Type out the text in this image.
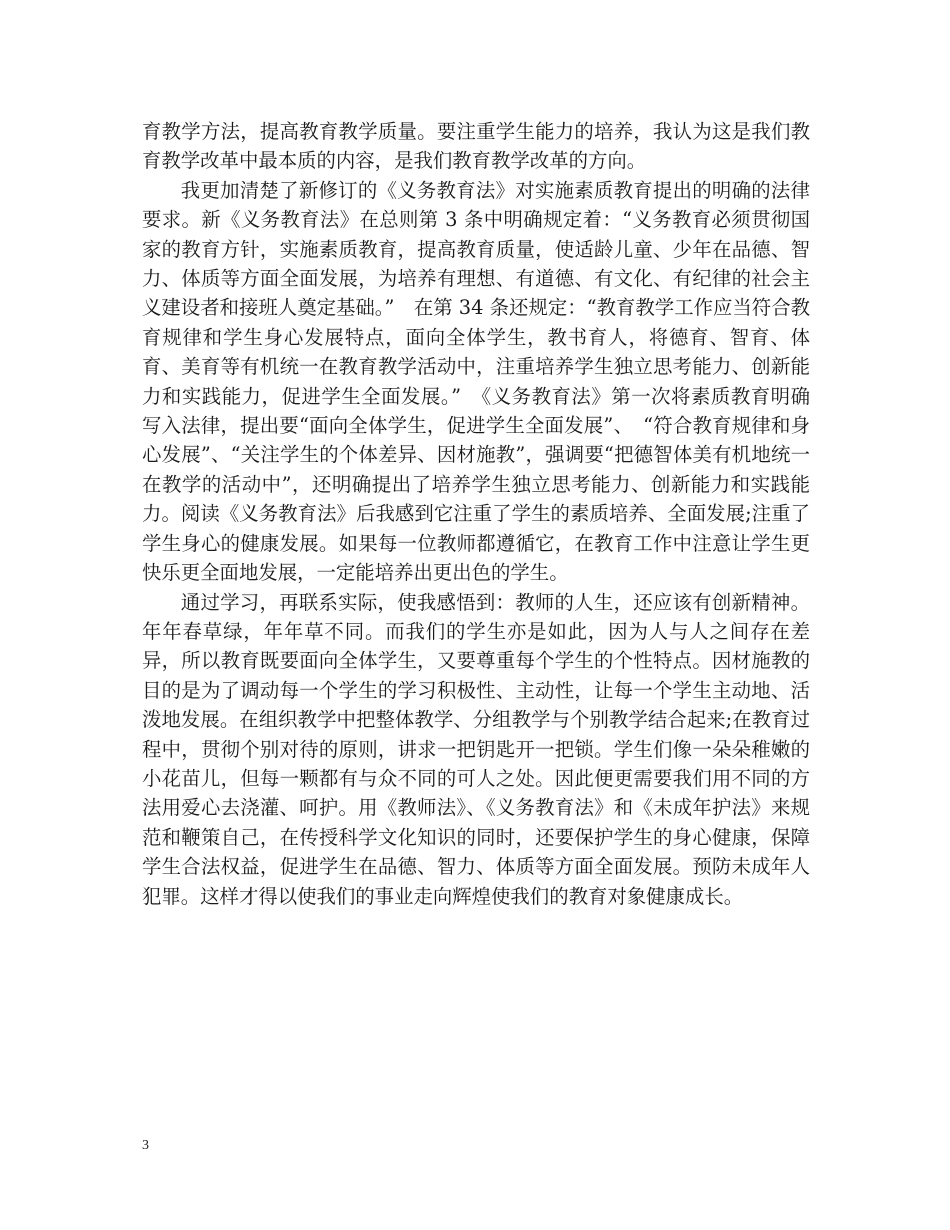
育教学方法，提高教育教学质量。要注重学生能力的培养，我认为这是我们教育教学改革中最本质的内容，是我们教育教学改革的方向。

我更加清楚了新修订的《义务教育法》对实施素质教育提出的明确的法律要求。新《义务教育法》在总则第 3 条中明确规定着：“义务教育必须贯彻国家的教育方针，实施素质教育，提高教育质量，使适龄儿童、少年在品德、智力、体质等方面全面发展，为培养有理想、有道德、有文化、有纪律的社会主义建设者和接班人奠定基础。”　在第 34 条还规定：“教育教学工作应当符合教育规律和学生身心发展特点，面向全体学生，教书育人，将德育、智育、体育、美育等有机统一在教育教学活动中，注重培养学生独立思考能力、创新能力和实践能力，促进学生全面发展。”　《义务教育法》第一次将素质教育明确写入法律，提出要“面向全体学生，促进学生全面发展”、　“符合教育规律和身心发展”、“关注学生的个体差异、因材施教”，强调要“把德智体美有机地统一在教学的活动中”，还明确提出了培养学生独立思考能力、创新能力和实践能力。阅读《义务教育法》后我感到它注重了学生的素质培养、全面发展;注重了学生身心的健康发展。如果每一位教师都遵循它，在教育工作中注意让学生更快乐更全面地发展，一定能培养出更出色的学生。

通过学习，再联系实际，使我感悟到：教师的人生，还应该有创新精神。年年春草绿，年年草不同。而我们的学生亦是如此，因为人与人之间存在差异，所以教育既要面向全体学生，又要尊重每个学生的个性特点。因材施教的目的是为了调动每一个学生的学习积极性、主动性，让每一个学生主动地、活泼地发展。在组织教学中把整体教学、分组教学与个别教学结合起来;在教育过程中，贯彻个别对待的原则，讲求一把钥匙开一把锁。学生们像一朵朵稚嫩的小花苗儿，但每一颗都有与众不同的可人之处。因此便更需要我们用不同的方法用爱心去浇灌、呵护。用《教师法》、《义务教育法》和《未成年护法》来规范和鞭策自己，在传授科学文化知识的同时，还要保护学生的身心健康，保障学生合法权益，促进学生在品德、智力、体质等方面全面发展。预防未成年人犯罪。这样才得以使我们的事业走向辉煌使我们的教育对象健康成长。

3
